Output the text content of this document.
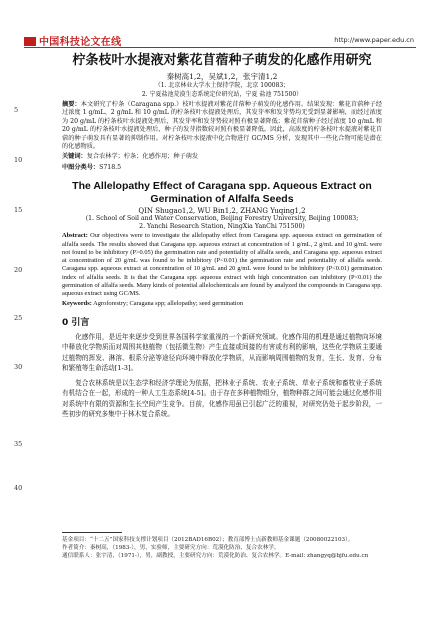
中国科技论文在线	http://www.paper.edu.cn
5
10
15
20
25
30
35
40
柠条枝叶水提液对紫花苜蓿种子萌发的化感作用研究
秦树高1,2，吴斌1,2，张宇清1,2
（1. 北京林业大学水土保持学院，北京 100083；
2. 宁夏盐池荒漠生态系统定位研究站，宁夏 盐池 751500）
摘要：本文研究了柠条（Caragana spp.）枝叶水提液对紫花苜蓿种子萌发的化感作用。结果发现：紫花苜蓿种子经过浓度 1 g/mL、2 g/mL 和 10 g/mL 的柠条枝叶水提液处理后，其发芽率和发芽势均无受到显著影响，而经过浓度为 20 g/mL 的柠条枝叶水提液处理后，其发芽率和发芽势较对照有极显著降低；紫花苜蓿种子经过浓度 10 g/mL 和 20 g/mL 的柠条枝叶水提液处理后，种子的发芽指数较对照有极显著降低。因此，高浓度的柠条枝叶水提液对紫花苜蓿的种子萌发具有显著的抑制作用。对柠条枝叶水提液中化合物进行 GC/MS 分析，发现其中一些化合物可能是潜在的化感物质。
关键词：复合农林学；柠条；化感作用；种子萌发
中图分类号：S718.5
The Allelopathy Effect of Caragana spp. Aqueous Extract on Germination of Alfalfa Seeds
QIN Shugao1,2, WU Bin1,2, ZHANG Yuqing1,2
(1. School of Soil and Water Conservation, Beijing Forestry University, Beijing 100083;
2. Yanchi Research Station, NingXia YanChi 751500)
Abstract: Our objectives were to investigate the allelopathy effect from Caragana spp. aqueous extract on germination of alfalfa seeds. The results showed that Caragana spp. aqueous extract at concentration of 1 g/mL, 2 g/mL and 10 g/mL were not found to be inhibitory (P>0.05) the germination rate and potentiality of alfalfa seeds, and Caragana spp. aqueous extract at concentration of 20 g/mL was found to be inhibitory (P<0.01) the germination rate and potentiality of alfalfa seeds. Caragana spp. aqueous extract at concentration of 10 g/mL and 20 g/mL were found to be inhibitory (P<0.01) germination index of alfalfa seeds. It is that the Caragana spp. aqueous extract with high concentration can inhibitory (P<0.01) the germination of alfalfa seeds. Many kinds of potential allelochemicals are found by analyzed the compounds in Caragana spp. aqueous extract using GC/MS.
Keywords: Agroforestry; Caragana spp; allelopathy; seed germination
0 引言
化感作用，是近年来逐步受到世界各国科学家重视的一个新研究领域。化感作用的机理是通过植物向环境中释放化学物质而对周围其他植物（包括微生物）产生直接或间接的有害或有利的影响，这些化学物质主要通过植物的挥发、淋溶、根系分泌等途径向环境中释放化学物质，从而影响周围植物的发育，生长、发育、分布和繁殖等生命活动[1-3]。
复合农林系统是以生态学和经济学理论为依据，把林业子系统、农业子系统、草业子系统和畜牧业子系统有机结合在一起，形成的一种人工生态系统[4-5]。由于存在多种植物组分，植物种群之间可能会通过化感作用对系统中有限的资源和生长空间产生竞争。目前，化感作用虽已引起广泛的重视，对研究仍处于起步阶段，一些初步的研究多集中于林木复合系统。
基金项目：“十二五”国家科技支撑计划项目（2012BAD16B02）；教育部博士点新教师基金课题（20080022103）。
作者简介：秦树高，（1983-），男，实验师，主要研究方向：荒漠化防治、复合农林学。
通信联系人：张宇清，（1971-），男，副教授，主要研究方向：荒漠化防治、复合农林学。E-mail: zhangyq@bjfu.edu.cn
